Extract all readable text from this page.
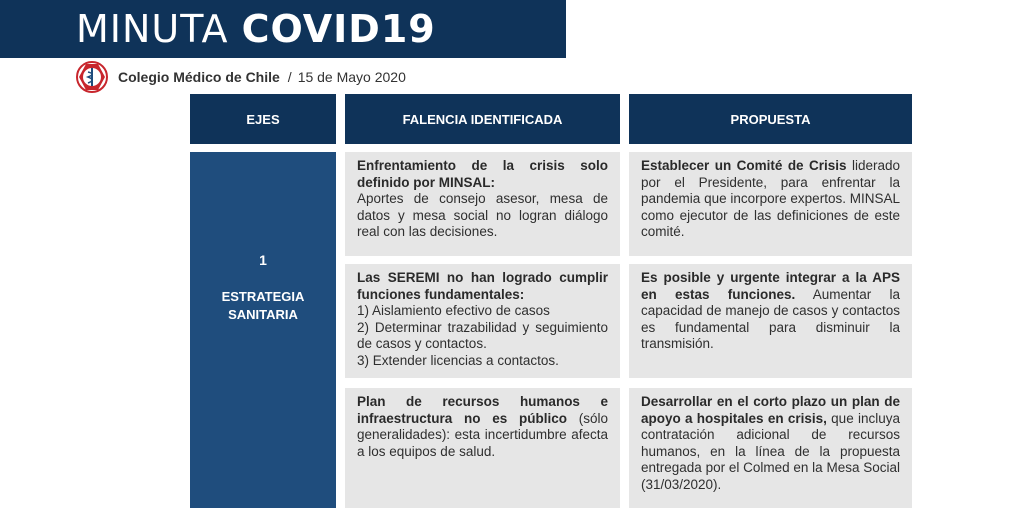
MINUTA COVID19
Colegio Médico de Chile / 15 de Mayo 2020
EJES	FALENCIA IDENTIFICADA	PROPUESTA
1
ESTRATEGIA
SANITARIA
Enfrentamiento de la crisis solo definido por MINSAL:
Aportes de consejo asesor, mesa de datos y mesa social no logran diálogo real con las decisiones.
Establecer un Comité de Crisis liderado por el Presidente, para enfrentar la pandemia que incorpore expertos. MINSAL como ejecutor de las definiciones de este comité.
Las SEREMI no han logrado cumplir funciones fundamentales:
1) Aislamiento efectivo de casos
2) Determinar trazabilidad y seguimiento de casos y contactos.
3) Extender licencias a contactos.
Es posible y urgente integrar a la APS en estas funciones. Aumentar la capacidad de manejo de casos y contactos es fundamental para disminuir la transmisión.
Plan de recursos humanos e infraestructura no es público (sólo generalidades): esta incertidumbre afecta a los equipos de salud.
Desarrollar en el corto plazo un plan de apoyo a hospitales en crisis, que incluya contratación adicional de recursos humanos, en la línea de la propuesta entregada por el Colmed en la Mesa Social (31/03/2020).
